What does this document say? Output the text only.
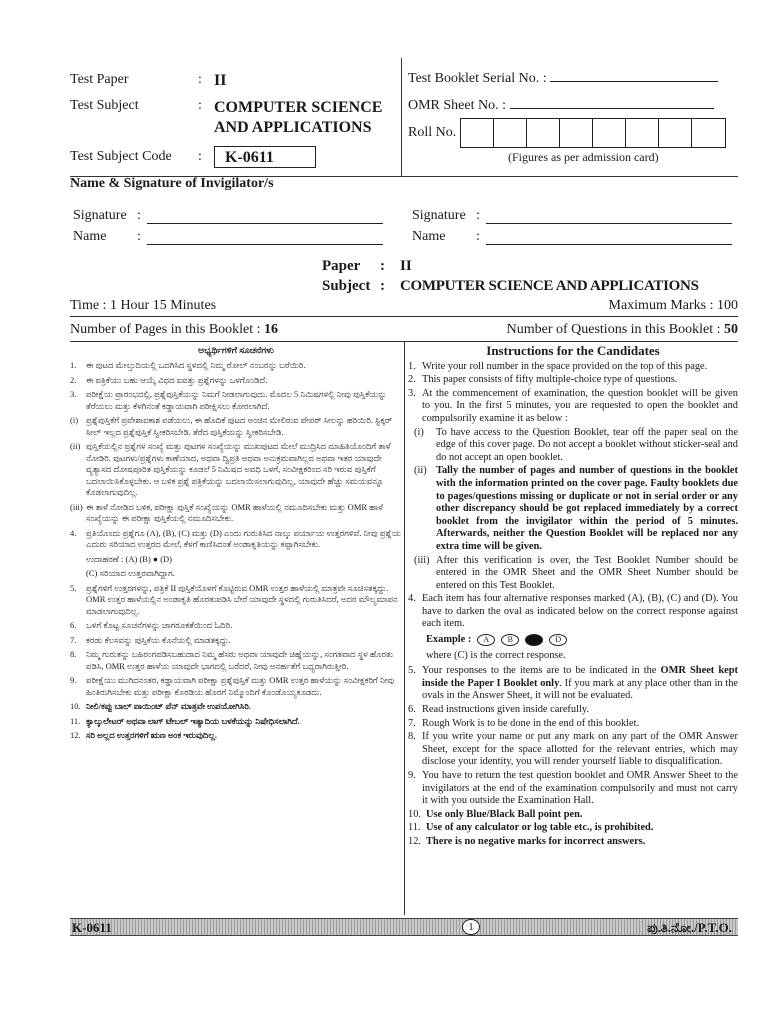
Test Paper	: II
Test Subject	: COMPUTER SCIENCE AND APPLICATIONS
Test Subject Code	:	K-0611
Test Booklet Serial No. :
OMR Sheet No. :
Roll No.
(Figures as per admission card)
Name & Signature of Invigilator/s
Signature :
Name	:
Signature :
Name	:
Paper	:	II
Subject :	COMPUTER SCIENCE AND APPLICATIONS
Time : 1 Hour 15 Minutes	Maximum Marks : 100
Number of Pages in this Booklet : 16	Number of Questions in this Booklet : 50
ಅಭ್ಯರ್ಥಿಗಳಿಗೆ ಸೂಚನೆಗಳು
1.	ಈ ಪುಟದ ಮೇಲ್ತುದಿಯಲ್ಲಿ ಒದಗಿಸಿದ ಸ್ಥಳದಲ್ಲಿ ನಿಮ್ಮ ರೋಲ್ ನಂಬರನ್ನು ಬರೆಯಿರಿ.
2.	ಈ ಪತ್ರಿಕೆಯು ಬಹು ಆಯ್ಕೆ ವಿಧದ ಐವತ್ತು ಪ್ರಶ್ನೆಗಳನ್ನು ಒಳಗೊಂಡಿದೆ.
3.	ಪರೀಕ್ಷೆಯ ಪ್ರಾರಂಭದಲ್ಲಿ, ಪ್ರಶ್ನೆಪುಸ್ತಿಕೆಯನ್ನು ನಿಮಗೆ ನೀಡಲಾಗುವುದು. ಮೊದಲ 5 ನಿಮಿಷಗಳಲ್ಲಿ ನೀವು ಪುಸ್ತಿಕೆಯನ್ನು ತೆರೆಯಲು ಮತ್ತು ಕೆಳಗಿನಂತೆ ಕಡ್ಡಾಯವಾಗಿ ಪರೀಕ್ಷಿಸಲು ಕೋರಲಾಗಿದೆ.
(i) ಪ್ರಶ್ನೆಪುಸ್ತಿಕೆಗೆ ಪ್ರವೇಶಾವಕಾಶ ಪಡೆಯಲು, ಈ ಹೊದಿಕೆ ಪುಟದ ಅಂಚಿನ ಮೇಲಿರುವ ಪೇಪರ್ ಸೀಲನ್ನು ಹರಿಯಿರಿ. ಸ್ಟಿಕ್ಕರ್ ಸೀಲ್ ಇಲ್ಲದ ಪ್ರಶ್ನೆಪುಸ್ತಿಕೆ ಸ್ವೀಕರಿಸಬೇಡಿ. ತೆರೆದ ಪುಸ್ತಿಕೆಯನ್ನು ಸ್ವೀಕರಿಸಬೇಡಿ.
(ii) ಪುಸ್ತಿಕೆಯಲ್ಲಿನ ಪ್ರಶ್ನೆಗಳ ಸಂಖ್ಯೆ ಮತ್ತು ಪುಟಗಳ ಸಂಖ್ಯೆಯನ್ನು ಮುಖಪುಟದ ಮೇಲೆ ಮುದ್ರಿಸಿದ ಮಾಹಿತಿಯೊಂದಿಗೆ ತಾಳೆ ನೋಡಿರಿ. ಪುಟಗಳು/ಪ್ರಶ್ನೆಗಳು ಕಾಣೆಯಾದ, ಅಥವಾ ದ್ವಿಪ್ರತಿ ಅಥವಾ ಅನುಕ್ರಮವಾಗಿಲ್ಲದ ಅಥವಾ ಇತರ ಯಾವುದೇ ವ್ಯತ್ಯಾಸದ ದೋಷಪೂರಿತ ಪುಸ್ತಿಕೆಯನ್ನು ಕೂಡಲೆ 5 ನಿಮಿಷದ ಅವಧಿ ಒಳಗೆ, ಸಂವೀಕ್ಷಕರಿಂದ ಸರಿ ಇರುವ ಪುಸ್ತಿಕೆಗೆ ಬದಲಾಯಿಸಿಕೊಳ್ಳಬೇಕು. ಆ ಬಳಿಕ ಪ್ರಶ್ನೆ ಪತ್ರಿಕೆಯನ್ನು ಬದಲಾಯಿಸಲಾಗುವುದಿಲ್ಲ, ಯಾವುದೇ ಹೆಚ್ಚು ಸಮಯವನ್ನೂ ಕೊಡಲಾಗುವುದಿಲ್ಲ.
(iii) ಈ ತಾಳೆ ನೋಡಿದ ಬಳಿಕ, ಪರೀಕ್ಷಾ ಪುಸ್ತಿಕೆ ಸಂಖ್ಯೆಯನ್ನು OMR ಹಾಳೆಯಲ್ಲಿ ನಮೂದಿಸಬೇಕು ಮತ್ತು OMR ಹಾಳೆ ಸಂಖ್ಯೆಯನ್ನು ಈ ಪರೀಕ್ಷಾ ಪುಸ್ತಿಕೆಯಲ್ಲಿ ನಮೂದಿಸಬೇಕು.
4.	ಪ್ರತಿಯೊಂದು ಪ್ರಶ್ನೆಗೂ (A), (B), (C) ಮತ್ತು (D) ಎಂದು ಗುರುತಿಸಿದ ನಾಲ್ಕು ಪರ್ಯಾಯ ಉತ್ತರಗಳಿವೆ. ನೀವು ಪ್ರಶ್ನೆಯ ಎದುರು ಸರಿಯಾದ ಉತ್ತರದ ಮೇಲೆ, ಕೆಳಗೆ ಕಾಣಿಸಿದಂತೆ ಅಂಡಾಕೃತಿಯನ್ನು ಕಪ್ಪಾಗಿಸಬೇಕು.
ಉದಾಹರಣೆ : (A) (B) ● (D)
(C) ಸರಿಯಾದ ಉತ್ತರವಾಗಿದ್ದಾಗ.
5.	ಪ್ರಶ್ನೆಗಳಿಗೆ ಉತ್ತರಗಳನ್ನು, ಪತ್ರಿಕೆ II ಪುಸ್ತಿಕೆಯೊಳಗೆ ಕೊಟ್ಟಿರುವ OMR ಉತ್ತರ ಹಾಳೆಯಲ್ಲಿ ಮಾತ್ರವೇ ಸೂಚಿಸತಕ್ಕದ್ದು. OMR ಉತ್ತರ ಹಾಳೆಯಲ್ಲಿನ ಅಂಡಾಕೃತಿ ಹೊರತುಪಡಿಸಿ ಬೇರೆ ಯಾವುದೇ ಸ್ಥಳದಲ್ಲಿ ಗುರುತಿಸಿದರೆ, ಅದರ ಮೌಲ್ಯಮಾಪನ ಮಾಡಲಾಗುವುದಿಲ್ಲ.
6.	ಒಳಗೆ ಕೊಟ್ಟ ಸೂಚನೆಗಳನ್ನು ಜಾಗರೂಕತೆಯಿಂದ ಓದಿರಿ.
7.	ಕರಡು ಕೆಲಸವನ್ನು ಪುಸ್ತಿಕೆಯ ಕೊನೆಯಲ್ಲಿ ಮಾಡತಕ್ಕದ್ದು.
8.	ನಿಮ್ಮ ಗುರುತನ್ನು ಬಹಿರಂಗಪಡಿಸಬಹುದಾದ ನಿಮ್ಮ ಹೆಸರು ಅಥವಾ ಯಾವುದೇ ಚಿಹ್ನೆಯನ್ನು, ಸಂಗತವಾದ ಸ್ಥಳ ಹೊರತು ಪಡಿಸಿ, OMR ಉತ್ತರ ಹಾಳೆಯ ಯಾವುದೇ ಭಾಗದಲ್ಲಿ ಬರೆದರೆ, ನೀವು ಅನರ್ಹತೆಗೆ ಬಧ್ಯರಾಗಿರುತ್ತೀರಿ.
9.	ಪರೀಕ್ಷೆಯು ಮುಗಿದನಂತರ, ಕಡ್ಡಾಯವಾಗಿ ಪರೀಕ್ಷಾ ಪ್ರಶ್ನೆಪುಸ್ತಿಕೆ ಮತ್ತು OMR ಉತ್ತರ ಹಾಳೆಯನ್ನು ಸಂವೀಕ್ಷಕರಿಗೆ ನೀವು ಹಿಂತಿರುಗಿಸಬೇಕು ಮತ್ತು ಪರೀಕ್ಷಾ ಕೊಠಡಿಯ ಹೊರಗೆ ನಿಮ್ಮೊಂದಿಗೆ ಕೊಂಡೊಯ್ಯಕೂಡದು.
10. ನೀಲಿ/ಕಪ್ಪು ಬಾಲ್ ಪಾಯಿಂಟ್ ಪೆನ್ ಮಾತ್ರವೇ ಉಪಯೋಗಿಸಿರಿ.
11. ಕ್ಯಾಲ್ಕುಲೇಟರ್ ಅಥವಾ ಲಾಗ್ ಟೇಬಲ್ ಇತ್ಯಾದಿಯ ಬಳಕೆಯನ್ನು ನಿಷೇಧಿಸಲಾಗಿದೆ.
12. ಸರಿ ಅಲ್ಲದ ಉತ್ತರಗಳಿಗೆ ಋಣ ಅಂಕ ಇರುವುದಿಲ್ಲ.
Instructions for the Candidates
1. Write your roll number in the space provided on the top of this page.
2. This paper consists of fifty multiple-choice type of questions.
3. At the commencement of examination, the question booklet will be given to you. In the first 5 minutes, you are requested to open the booklet and compulsorily examine it as below :
(i)	To have access to the Question Booklet, tear off the paper seal on the edge of this cover page. Do not accept a booklet without sticker-seal and do not accept an open booklet.
(ii) Tally the number of pages and number of questions in the booklet with the information printed on the cover page. Faulty booklets due to pages/questions missing or duplicate or not in serial order or any other discrepancy should be got replaced immediately by a correct booklet from the invigilator within the period of 5 minutes. Afterwards, neither the Question Booklet will be replaced nor any extra time will be given.
(iii) After this verification is over, the Test Booklet Number should be entered in the OMR Sheet and the OMR Sheet Number should be entered on this Test Booklet.
4. Each item has four alternative responses marked (A), (B), (C) and (D). You have to darken the oval as indicated below on the correct response against each item.
Example :	A	B	C	D
where (C) is the correct response.
5. Your responses to the items are to be indicated in the OMR Sheet kept inside the Paper I Booklet only. If you mark at any place other than in the ovals in the Answer Sheet, it will not be evaluated.
6. Read instructions given inside carefully.
7. Rough Work is to be done in the end of this booklet.
8. If you write your name or put any mark on any part of the OMR Answer Sheet, except for the space allotted for the relevant entries, which may disclose your identity, you will render yourself liable to disqualification.
9. You have to return the test question booklet and OMR Answer Sheet to the invigilators at the end of the examination compulsorily and must not carry it with you outside the Examination Hall.
10. Use only Blue/Black Ball point pen.
11. Use of any calculator or log table etc., is prohibited.
12. There is no negative marks for incorrect answers.
K-0611	1	ಪು.ತಿ.ನೋ./P.T.O.
